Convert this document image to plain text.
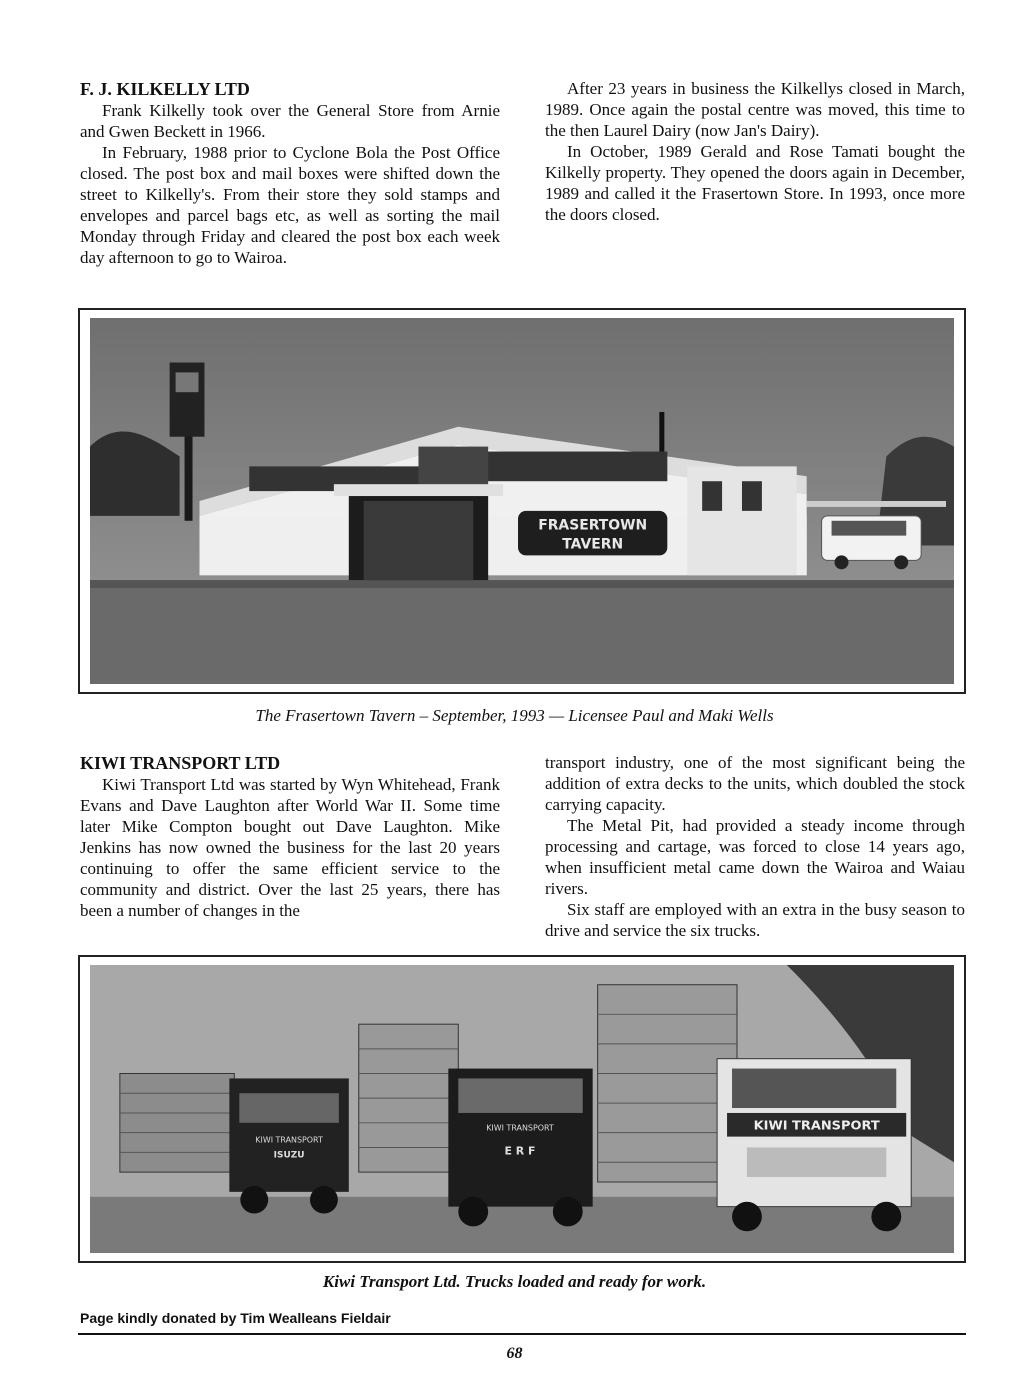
F. J. KILKELLY LTD

Frank Kilkelly took over the General Store from Arnie and Gwen Beckett in 1966.

In February, 1988 prior to Cyclone Bola the Post Office closed. The post box and mail boxes were shifted down the street to Kilkelly's. From their store they sold stamps and envelopes and parcel bags etc, as well as sorting the mail Monday through Friday and cleared the post box each week day afternoon to go to Wairoa.

After 23 years in business the Kilkellys closed in March, 1989. Once again the postal centre was moved, this time to the then Laurel Dairy (now Jan's Dairy).

In October, 1989 Gerald and Rose Tamati bought the Kilkelly property. They opened the doors again in December, 1989 and called it the Frasertown Store. In 1993, once more the doors closed.

FRASERTOWN
TAVERN
The Frasertown Tavern – September, 1993 — Licensee Paul and Maki Wells

KIWI TRANSPORT LTD

Kiwi Transport Ltd was started by Wyn Whitehead, Frank Evans and Dave Laughton after World War II. Some time later Mike Compton bought out Dave Laughton. Mike Jenkins has now owned the business for the last 20 years continuing to offer the same efficient service to the community and district. Over the last 25 years, there has been a number of changes in the

transport industry, one of the most significant being the addition of extra decks to the units, which doubled the stock carrying capacity.

The Metal Pit, had provided a steady income through processing and cartage, was forced to close 14 years ago, when insufficient metal came down the Wairoa and Waiau rivers.

Six staff are employed with an extra in the busy season to drive and service the six trucks.

KIWI TRANSPORT
ISUZU
KIWI TRANSPORT
E R F
KIWI TRANSPORT
Kiwi Transport Ltd. Trucks loaded and ready for work.
Page kindly donated by Tim Wealleans Fieldair
68
